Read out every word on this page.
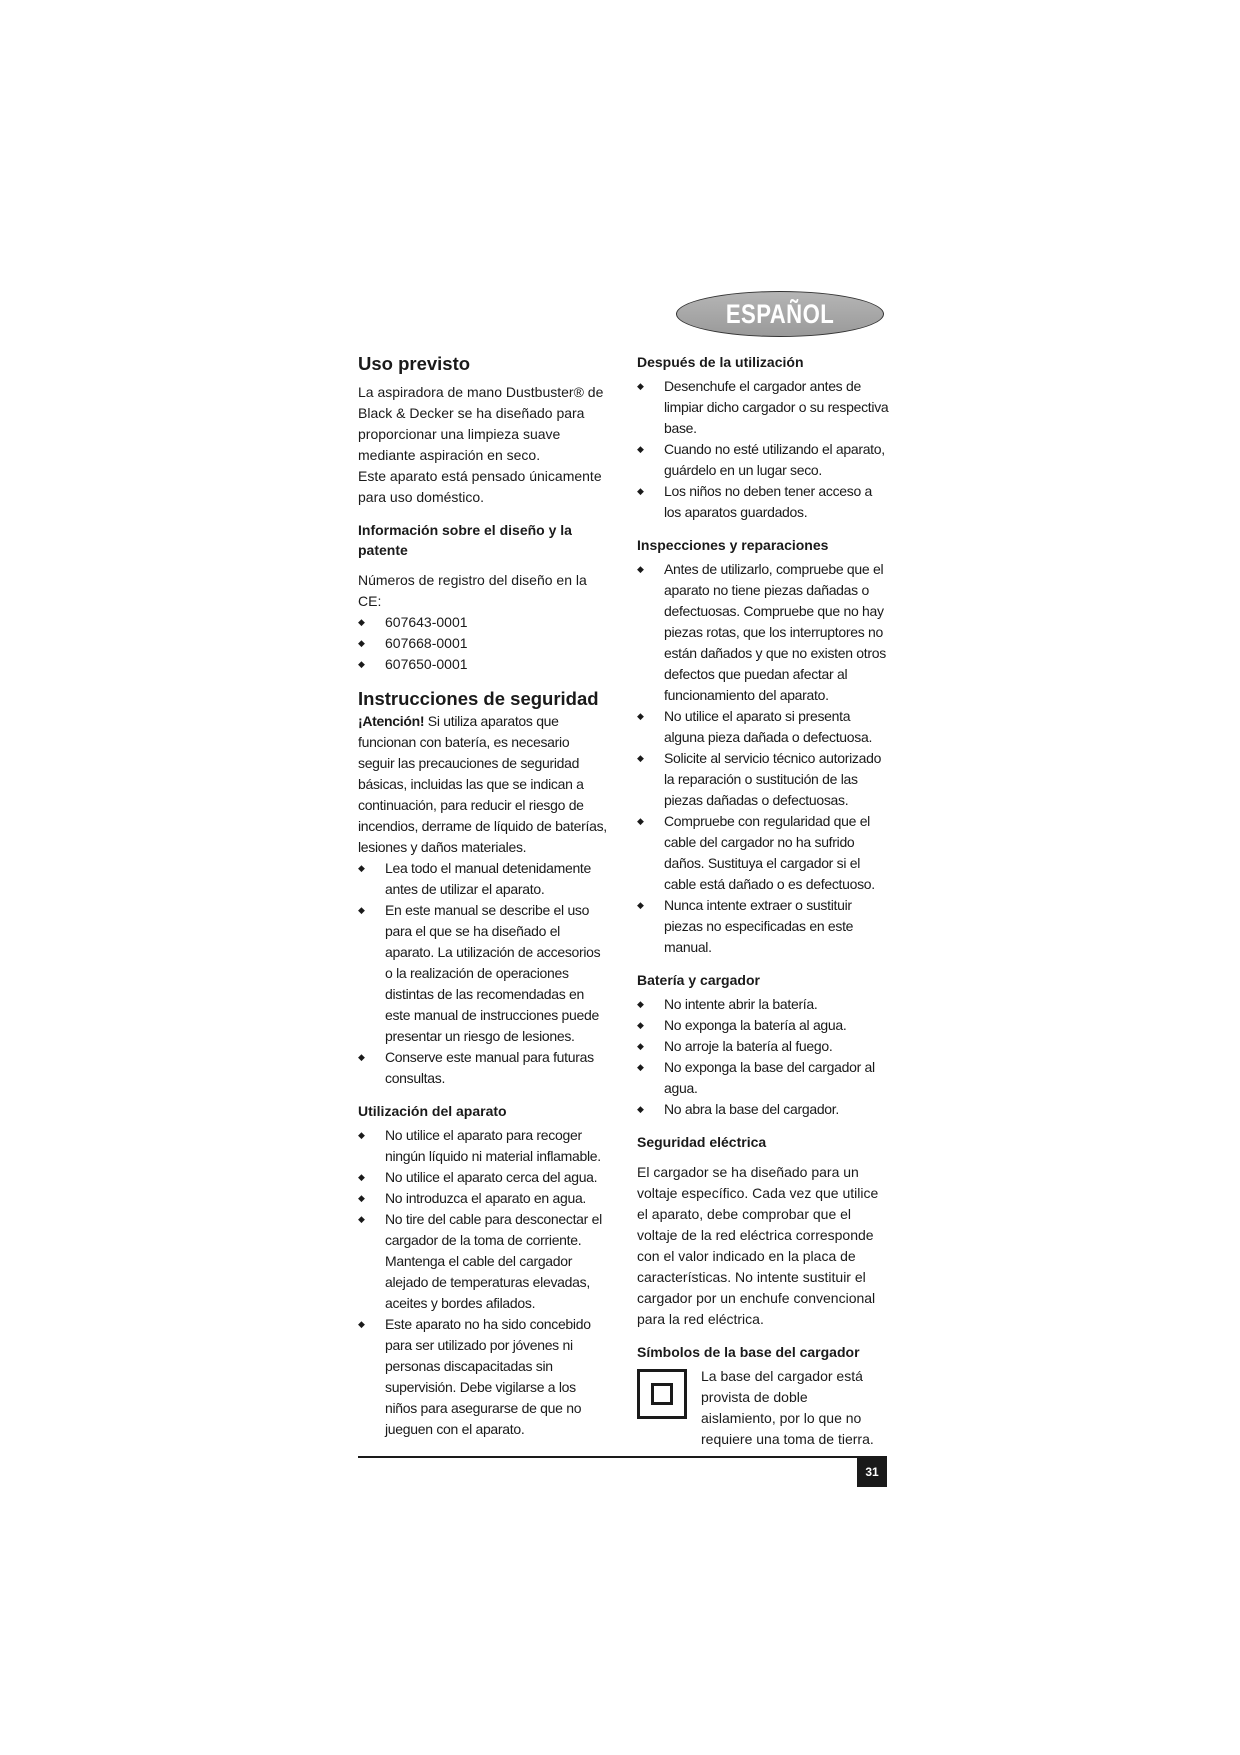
ESPAÑOL
Uso previsto

La aspiradora de mano Dustbuster® de Black & Decker se ha diseñado para proporcionar una limpieza suave mediante aspiración en seco.

Este aparato está pensado únicamente para uso doméstico.

Información sobre el diseño y la patente

Números de registro del diseño en la CE:

◆ 607643-0001
◆ 607668-0001
◆ 607650-0001
Instrucciones de seguridad

¡Atención! Si utiliza aparatos que funcionan con batería, es necesario seguir las precauciones de seguridad básicas, incluidas las que se indican a continuación, para reducir el riesgo de incendios, derrame de líquido de baterías, lesiones y daños materiales.

◆ Lea todo el manual detenidamente antes de utilizar el aparato.
◆ En este manual se describe el uso para el que se ha diseñado el aparato. La utilización de accesorios o la realización de operaciones distintas de las recomendadas en este manual de instrucciones puede presentar un riesgo de lesiones.
◆ Conserve este manual para futuras consultas.
Utilización del aparato
◆ No utilice el aparato para recoger ningún líquido ni material inflamable.
◆ No utilice el aparato cerca del agua.
◆ No introduzca el aparato en agua.
◆ No tire del cable para desconectar el cargador de la toma de corriente. Mantenga el cable del cargador alejado de temperaturas elevadas, aceites y bordes afilados.
◆ Este aparato no ha sido concebido para ser utilizado por jóvenes ni personas discapacitadas sin supervisión. Debe vigilarse a los niños para asegurarse de que no jueguen con el aparato.
Después de la utilización
◆ Desenchufe el cargador antes de limpiar dicho cargador o su respectiva base.
◆ Cuando no esté utilizando el aparato, guárdelo en un lugar seco.
◆ Los niños no deben tener acceso a los aparatos guardados.
Inspecciones y reparaciones
◆ Antes de utilizarlo, compruebe que el aparato no tiene piezas dañadas o defectuosas. Compruebe que no hay piezas rotas, que los interruptores no están dañados y que no existen otros defectos que puedan afectar al funcionamiento del aparato.
◆ No utilice el aparato si presenta alguna pieza dañada o defectuosa.
◆ Solicite al servicio técnico autorizado la reparación o sustitución de las piezas dañadas o defectuosas.
◆ Compruebe con regularidad que el cable del cargador no ha sufrido daños. Sustituya el cargador si el cable está dañado o es defectuoso.
◆ Nunca intente extraer o sustituir piezas no especificadas en este manual.
Batería y cargador
◆ No intente abrir la batería.
◆ No exponga la batería al agua.
◆ No arroje la batería al fuego.
◆ No exponga la base del cargador al agua.
◆ No abra la base del cargador.
Seguridad eléctrica

El cargador se ha diseñado para un voltaje específico. Cada vez que utilice el aparato, debe comprobar que el voltaje de la red eléctrica corresponde con el valor indicado en la placa de características. No intente sustituir el cargador por un enchufe convencional para la red eléctrica.

Símbolos de la base del cargador

La base del cargador está provista de doble aislamiento, por lo que no requiere una toma de tierra.

31
